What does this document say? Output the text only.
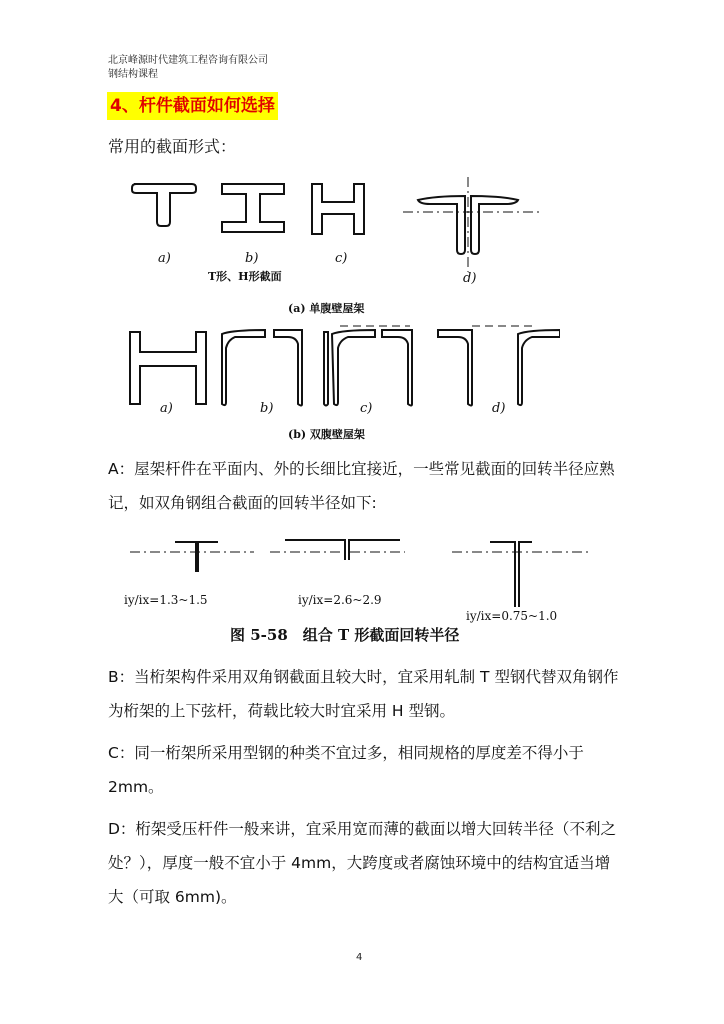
北京峰源时代建筑工程咨询有限公司
钢结构课程
4、杆件截面如何选择
常用的截面形式：
a)	b)	c)
d)
a)	b)	c)	d)
T形、H形截面
(a) 单腹壁屋架
(b) 双腹壁屋架
A：屋架杆件在平面内、外的长细比宜接近，一些常见截面的回转半径应熟记，如双角钢组合截面的回转半径如下:
iy/ix=1.3~1.5	iy/ix=2.6~2.9
iy/ix=0.75~1.0
图 5-58　组合 T 形截面回转半径
B：当桁架构件采用双角钢截面且较大时，宜采用轧制 T 型钢代替双角钢作为桁架的上下弦杆，荷载比较大时宜采用 H 型钢。
C：同一桁架所采用型钢的种类不宜过多，相同规格的厚度差不得小于 2mm。
D：桁架受压杆件一般来讲，宜采用宽而薄的截面以增大回转半径（不利之处？），厚度一般不宜小于 4mm，大跨度或者腐蚀环境中的结构宜适当增大（可取 6mm)。
4
